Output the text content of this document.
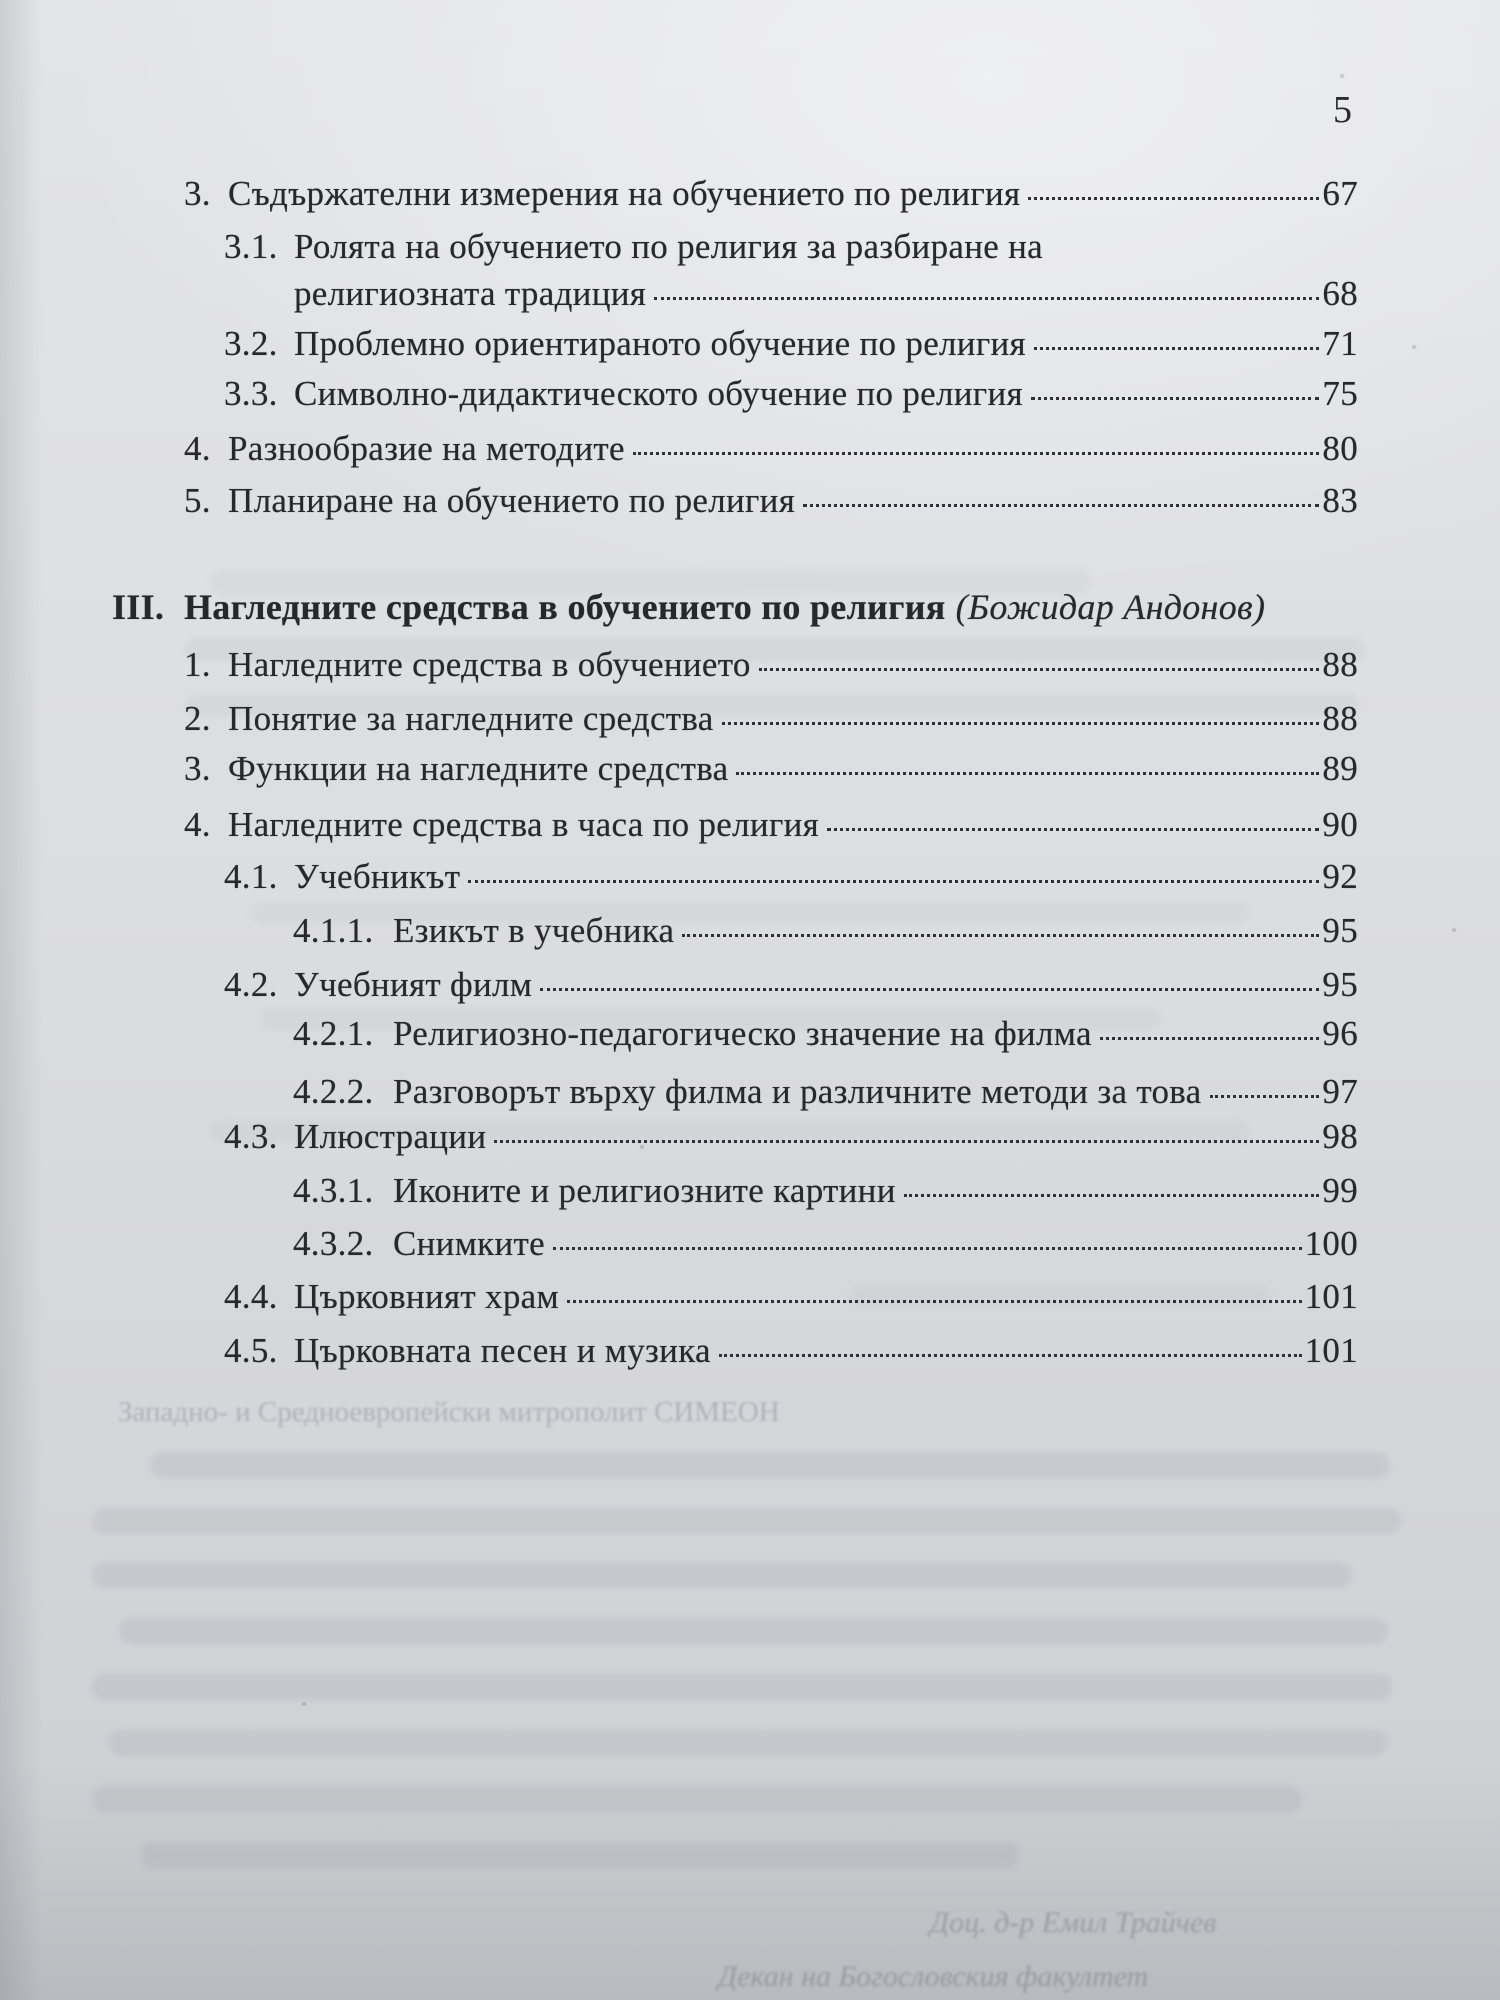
Западно- и Средноевропейски митрополит СИМЕОН
Доц. д-р Емил Трайчев
Декан на Богословския факултет
5
III. Нагледните средства в обучението по религия (Божидар Андонов)
3. Съдържателни измерения на обучението по религия	67
3.1. Ролята на обучението по религия за разбиране на
религиозната традиция	68
3.2. Проблемно ориентираното обучение по религия	71
3.3. Символно-дидактическото обучение по религия	75
4. Разнообразие на методите	80
5. Планиране на обучението по религия	83
1. Нагледните средства в обучението	88
2. Понятие за нагледните средства	88
3. Функции на нагледните средства	89
4. Нагледните средства в часа по религия	90
4.1. Учебникът	92
4.1.1. Езикът в учебника	95
4.2. Учебният филм	95
4.2.1. Религиозно-педагогическо значение на филма	96
4.2.2. Разговорът върху филма и различните методи за това	97
4.3. Илюстрации	98
4.3.1. Иконите и религиозните картини	99
4.3.2. Снимките	100
4.4. Църковният храм	101
4.5. Църковната песен и музика	101
